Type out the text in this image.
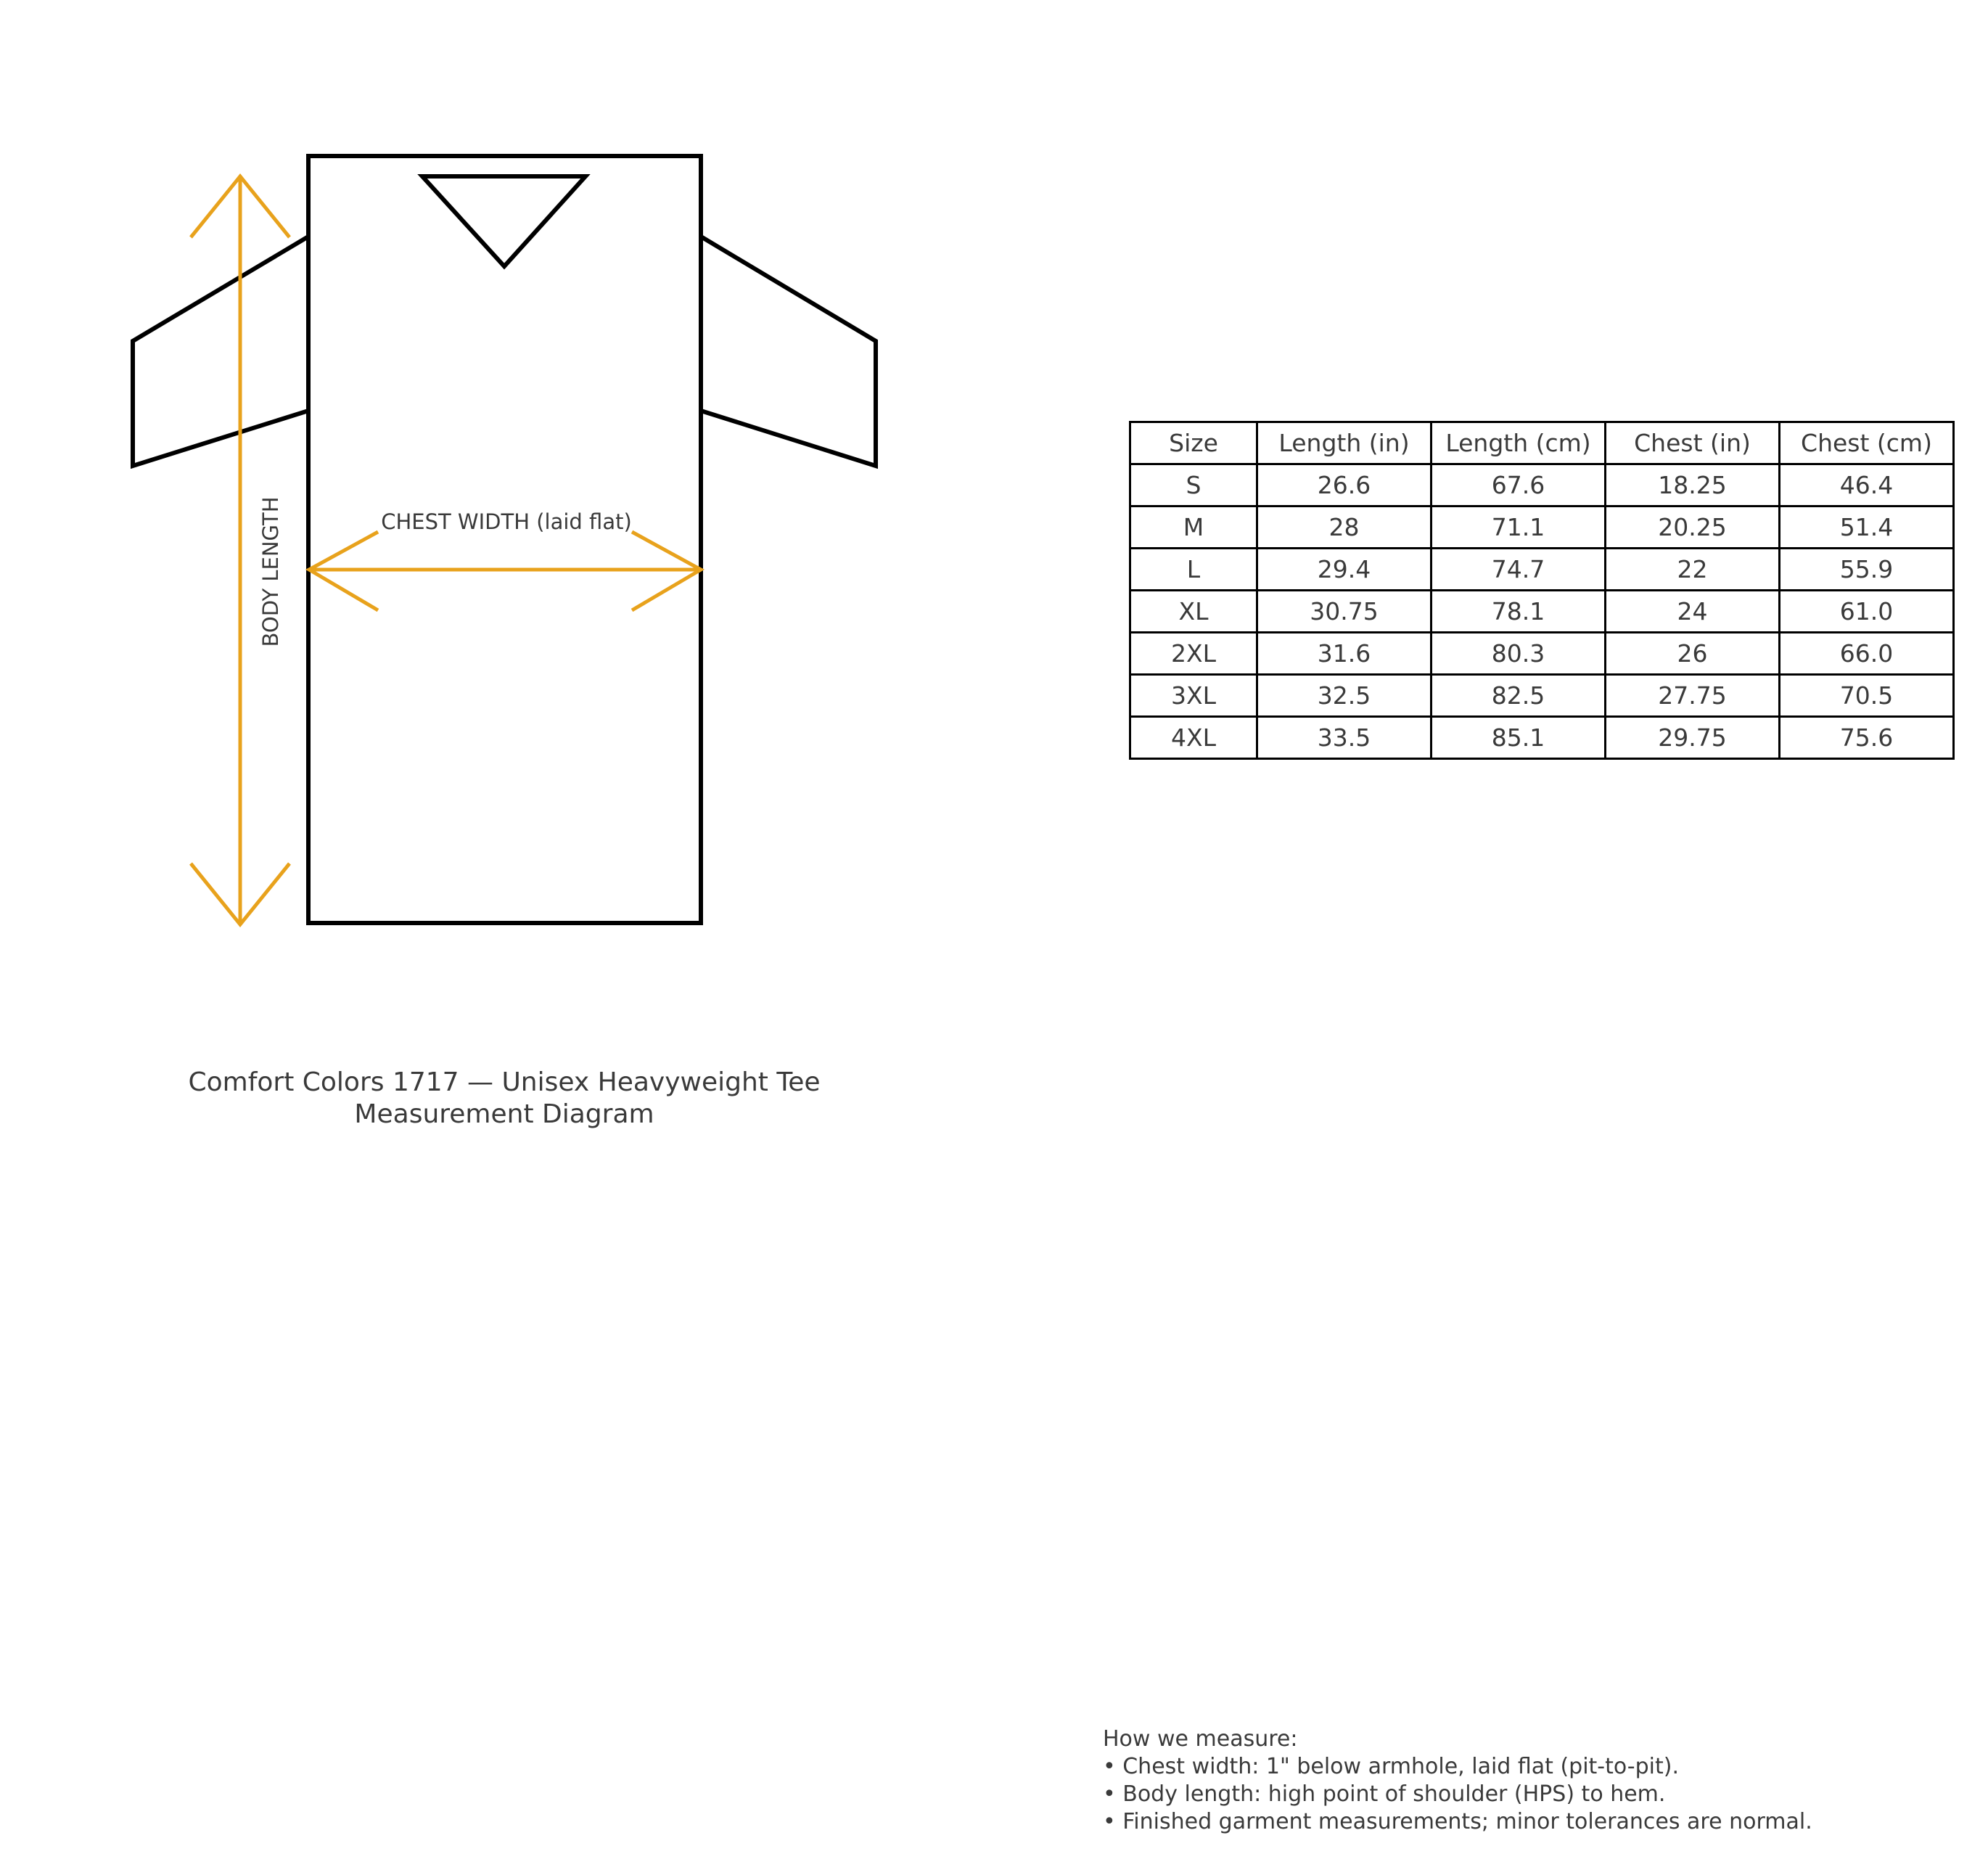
BODY LENGTH	CHEST WIDTH (laid flat)
Comfort Colors 1717 — Unisex Heavyweight Tee
Measurement Diagram
Size	Length (in)	Length (cm)	Chest (in)	Chest (cm)
S	26.6	67.6	18.25	46.4
M	28	71.1	20.25	51.4
L	29.4	74.7	22	55.9
XL	30.75	78.1	24	61.0
2XL	31.6	80.3	26	66.0
3XL	32.5	82.5	27.75	70.5
4XL	33.5	85.1	29.75	75.6
How we measure:
• Chest width: 1" below armhole, laid flat (pit-to-pit).
• Body length: high point of shoulder (HPS) to hem.
• Finished garment measurements; minor tolerances are normal.
